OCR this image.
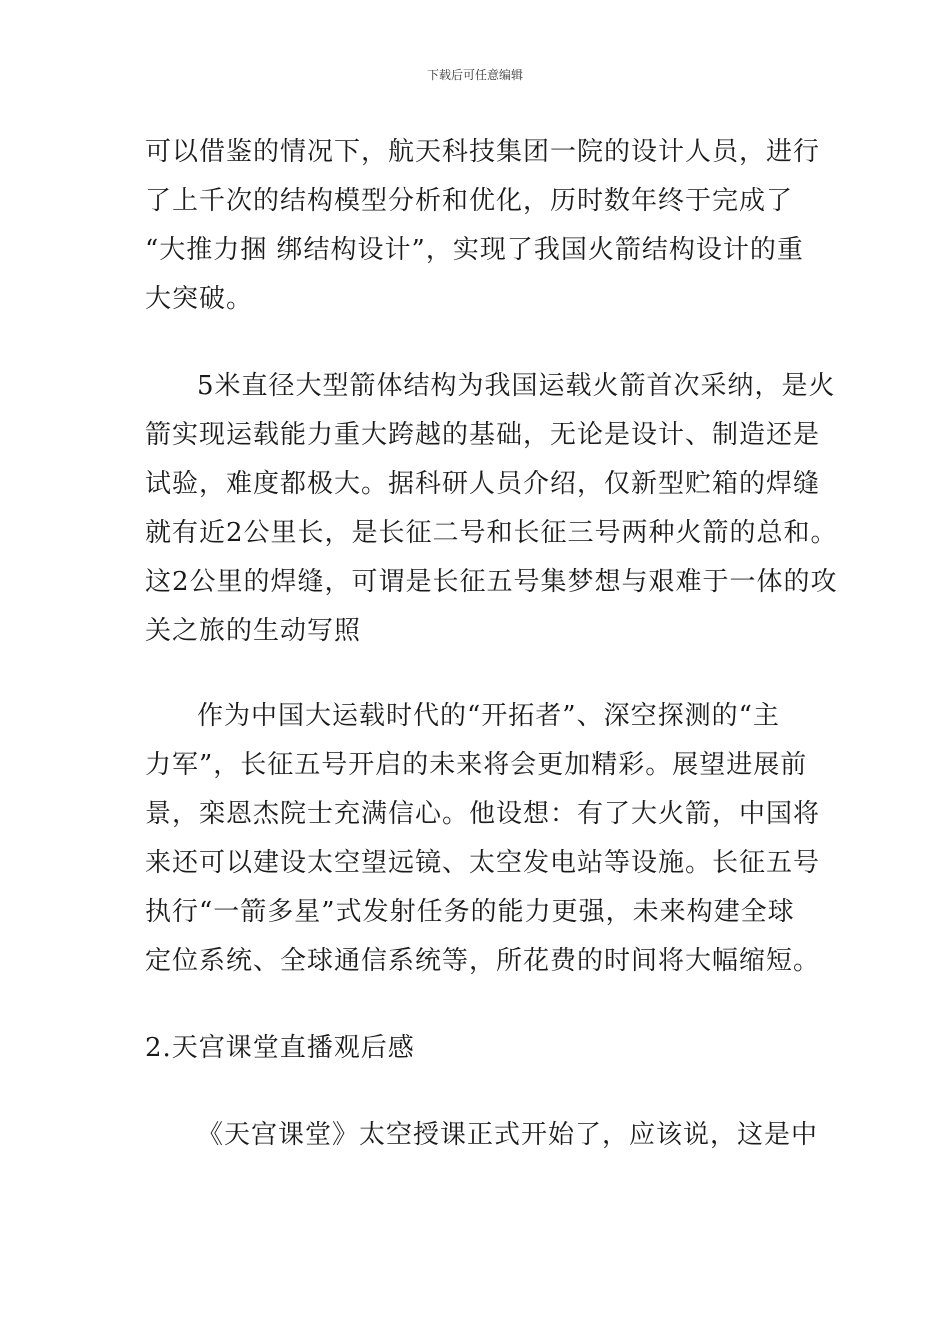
下载后可任意编辑

可以借鉴的情况下，航天科技集团一院的设计人员，进行
了上千次的结构模型分析和优化，历时数年终于完成了
“大推力捆 绑结构设计”，实现了我国火箭结构设计的重
大突破。

5米直径大型箭体结构为我国运载火箭首次采纳，是火
箭实现运载能力重大跨越的基础，无论是设计、制造还是
试验，难度都极大。据科研人员介绍，仅新型贮箱的焊缝
就有近2公里长，是长征二号和长征三号两种火箭的总和。
这2公里的焊缝，可谓是长征五号集梦想与艰难于一体的攻
关之旅的生动写照

作为中国大运载时代的“开拓者”、深空探测的“主
力军”，长征五号开启的未来将会更加精彩。展望进展前
景，栾恩杰院士充满信心。他设想：有了大火箭，中国将
来还可以建设太空望远镜、太空发电站等设施。长征五号
执行“一箭多星”式发射任务的能力更强，未来构建全球
定位系统、全球通信系统等，所花费的时间将大幅缩短。

2.天宫课堂直播观后感

《天宫课堂》太空授课正式开始了，应该说，这是中
